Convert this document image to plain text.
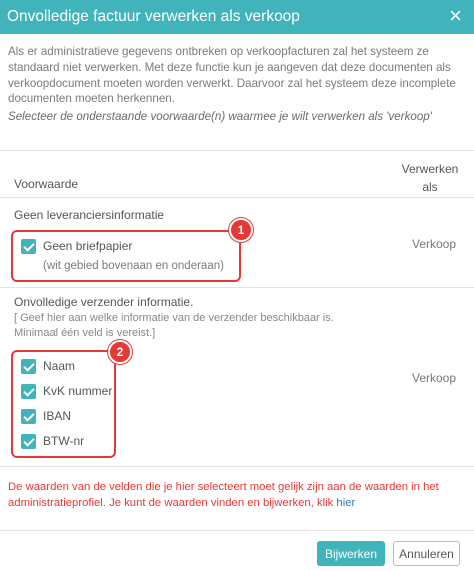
Onvolledige factuur verwerken als verkoop	×
Als er administratieve gegevens ontbreken op verkoopfacturen zal het systeem ze standaard niet verwerken. Met deze functie kun je aangeven dat deze documenten als verkoopdocument moeten worden verwerkt. Daarvoor zal het systeem deze incomplete documenten moeten herkennen.
Selecteer de onderstaande voorwaarde(n) waarmee je wilt verwerken als 'verkoop'
Voorwaarde
Verwerken
als
Geen leveranciersinformatie
1
Geen briefpapier
(wit gebied bovenaan en onderaan)
Verkoop
Onvolledige verzender informatie.
[ Geef hier aan welke informatie van de verzender beschikbaar is. Minimaal één veld is vereist.]
2
Naam
KvK nummer
IBAN
BTW-nr
Verkoop
De waarden van de velden die je hier selecteert moet gelijk zijn aan de waarden in het administratieprofiel. Je kunt de waarden vinden en bijwerken, klik hier
Bijwerken	Annuleren
